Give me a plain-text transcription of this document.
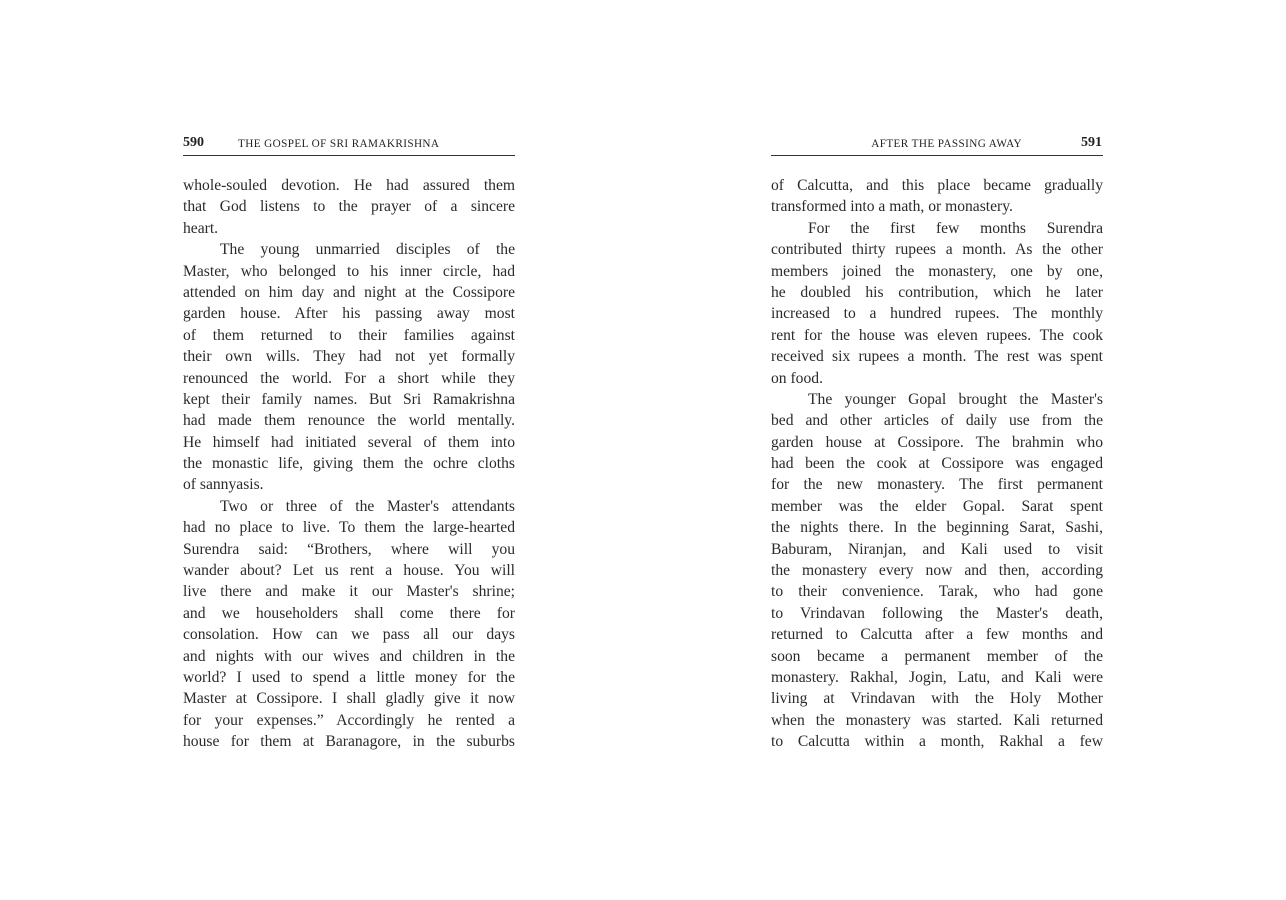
590	THE GOSPEL OF SRI RAMAKRISHNA
whole-souled devotion. He had assured them
that God listens to the prayer of a sincere
heart.
The young unmarried disciples of the
Master, who belonged to his inner circle, had
attended on him day and night at the Cossipore
garden house. After his passing away most
of them returned to their families against
their own wills. They had not yet formally
renounced the world. For a short while they
kept their family names. But Sri Ramakrishna
had made them renounce the world mentally.
He himself had initiated several of them into
the monastic life, giving them the ochre cloths
of sannyasis.
Two or three of the Master's attendants
had no place to live. To them the large-hearted
Surendra said: “Brothers, where will you
wander about? Let us rent a house. You will
live there and make it our Master's shrine;
and we householders shall come there for
consolation. How can we pass all our days
and nights with our wives and children in the
world? I used to spend a little money for the
Master at Cossipore. I shall gladly give it now
for your expenses.” Accordingly he rented a
house for them at Baranagore, in the suburbs
AFTER THE PASSING AWAY	591
of Calcutta, and this place became gradually
transformed into a math, or monastery.
For the first few months Surendra
contributed thirty rupees a month. As the other
members joined the monastery, one by one,
he doubled his contribution, which he later
increased to a hundred rupees. The monthly
rent for the house was eleven rupees. The cook
received six rupees a month. The rest was spent
on food.
The younger Gopal brought the Master's
bed and other articles of daily use from the
garden house at Cossipore. The brahmin who
had been the cook at Cossipore was engaged
for the new monastery. The first permanent
member was the elder Gopal. Sarat spent
the nights there. In the beginning Sarat, Sashi,
Baburam, Niranjan, and Kali used to visit
the monastery every now and then, according
to their convenience. Tarak, who had gone
to Vrindavan following the Master's death,
returned to Calcutta after a few months and
soon became a permanent member of the
monastery. Rakhal, Jogin, Latu, and Kali were
living at Vrindavan with the Holy Mother
when the monastery was started. Kali returned
to Calcutta within a month, Rakhal a few
